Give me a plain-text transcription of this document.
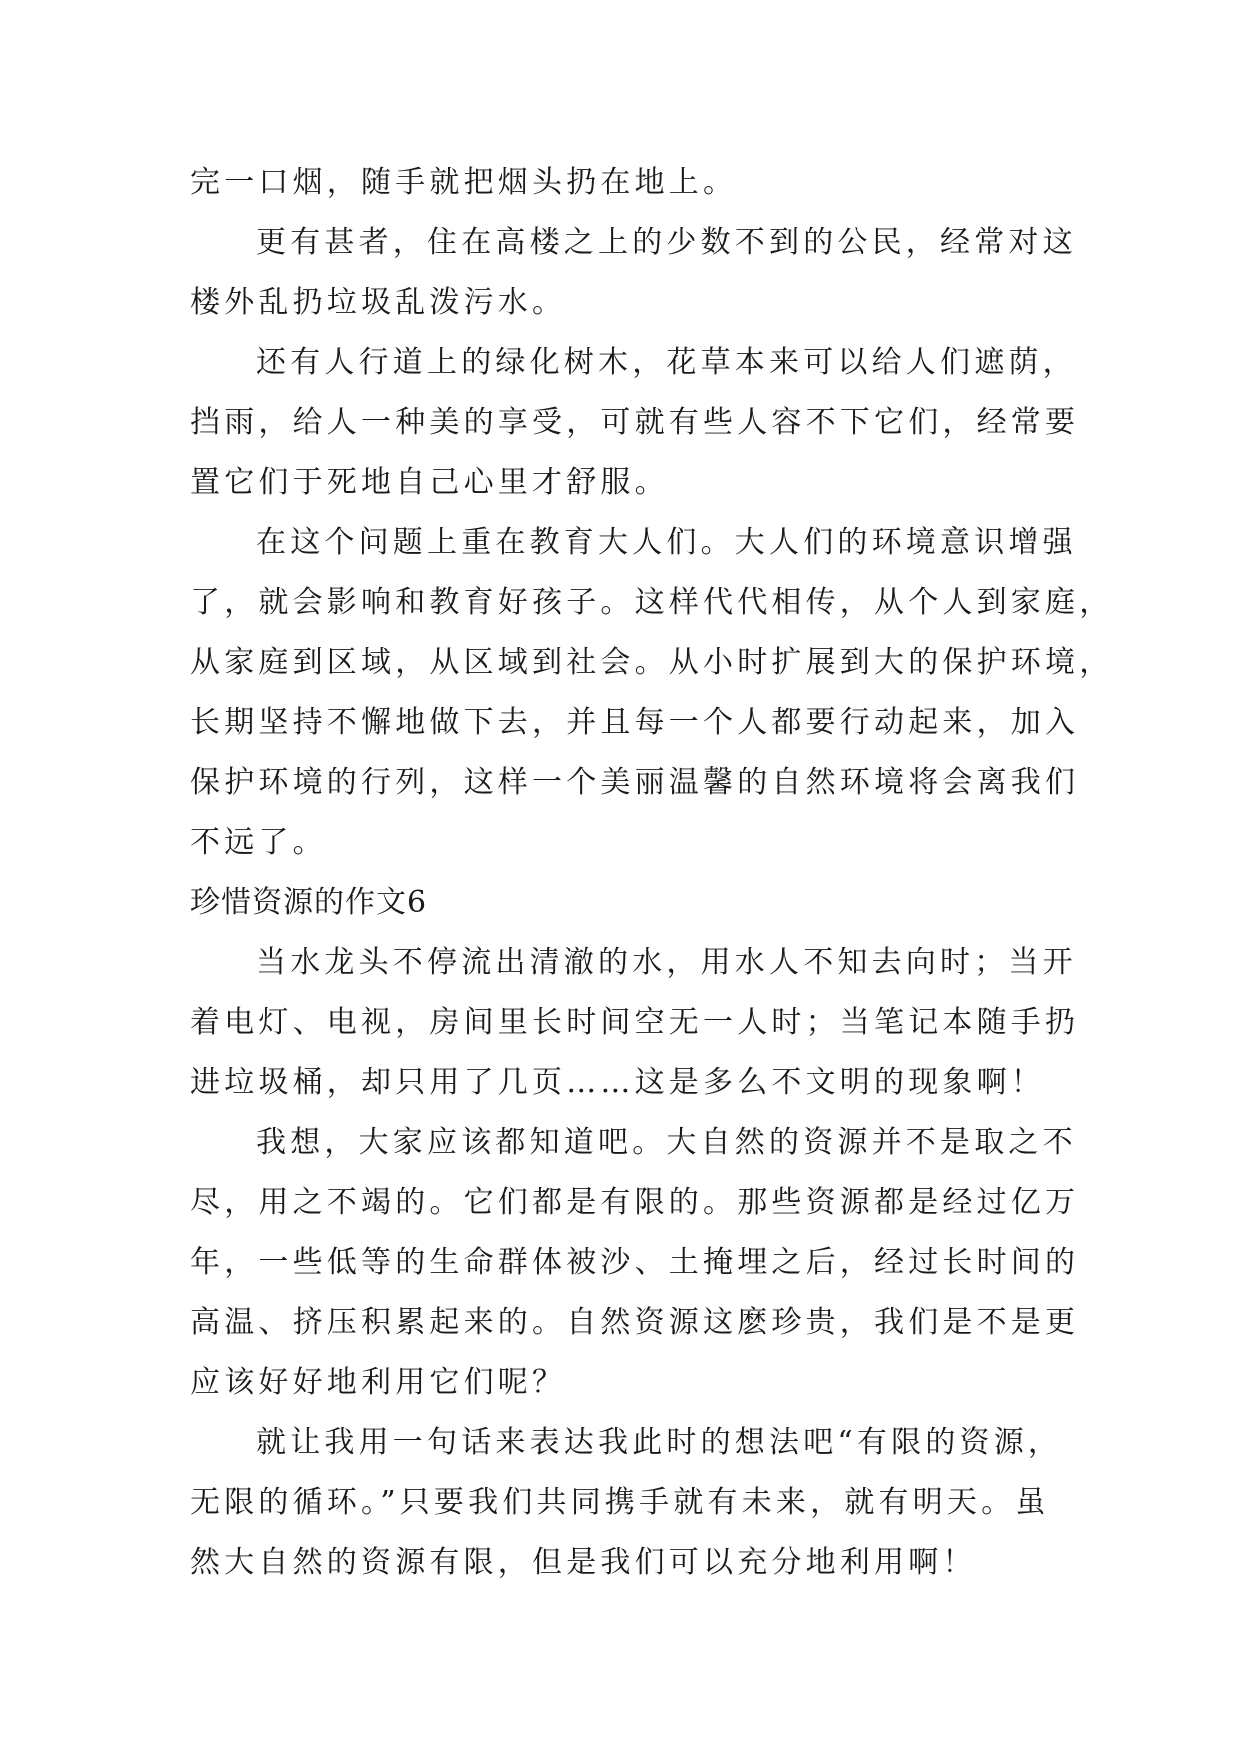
完一口烟，随手就把烟头扔在地上。
更有甚者，住在高楼之上的少数不到的公民，经常对这
楼外乱扔垃圾乱泼污水。
还有人行道上的绿化树木，花草本来可以给人们遮荫，
挡雨，给人一种美的享受，可就有些人容不下它们，经常要
置它们于死地自己心里才舒服。
在这个问题上重在教育大人们。大人们的环境意识增强
了，就会影响和教育好孩子。这样代代相传，从个人到家庭，
从家庭到区域，从区域到社会。从小时扩展到大的保护环境，
长期坚持不懈地做下去，并且每一个人都要行动起来，加入
保护环境的行列，这样一个美丽温馨的自然环境将会离我们
不远了。
珍惜资源的作文6
当水龙头不停流出清澈的水，用水人不知去向时；当开
着电灯、电视，房间里长时间空无一人时；当笔记本随手扔
进垃圾桶，却只用了几页……这是多么不文明的现象啊！
我想，大家应该都知道吧。大自然的资源并不是取之不
尽，用之不竭的。它们都是有限的。那些资源都是经过亿万
年，一些低等的生命群体被沙、土掩埋之后，经过长时间的
高温、挤压积累起来的。自然资源这麽珍贵，我们是不是更
应该好好地利用它们呢？
就让我用一句话来表达我此时的想法吧“有限的资源，
无限的循环。”只要我们共同携手就有未来，就有明天。虽
然大自然的资源有限，但是我们可以充分地利用啊！
